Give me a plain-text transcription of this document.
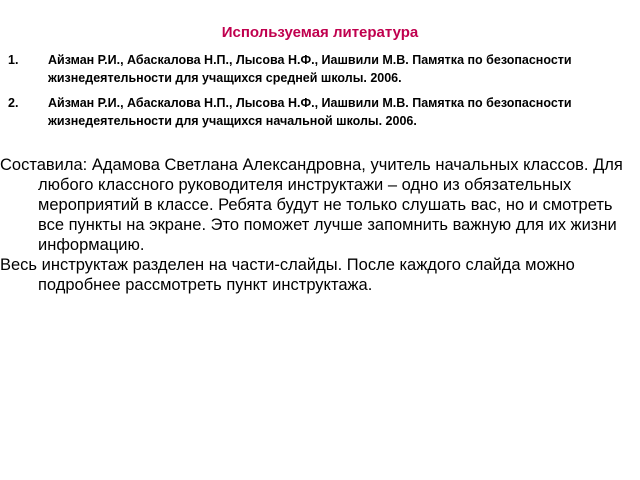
Используемая литература
1. Айзман Р.И., Абаскалова Н.П., Лысова Н.Ф., Иашвили М.В. Памятка по безопасности жизнедеятельности для учащихся средней школы. 2006.
2. Айзман Р.И., Абаскалова Н.П., Лысова Н.Ф., Иашвили М.В. Памятка по безопасности жизнедеятельности для учащихся начальной школы. 2006.

Составила: Адамова Светлана Александровна, учитель начальных классов. Для любого классного руководителя инструктажи – одно из обязательных мероприятий в классе. Ребята будут не только слушать вас, но и смотреть все пункты на экране. Это поможет лучше запомнить важную для их жизни информацию.

Весь инструктаж разделен на части-слайды. После каждого слайда можно подробнее рассмотреть пункт инструктажа.
